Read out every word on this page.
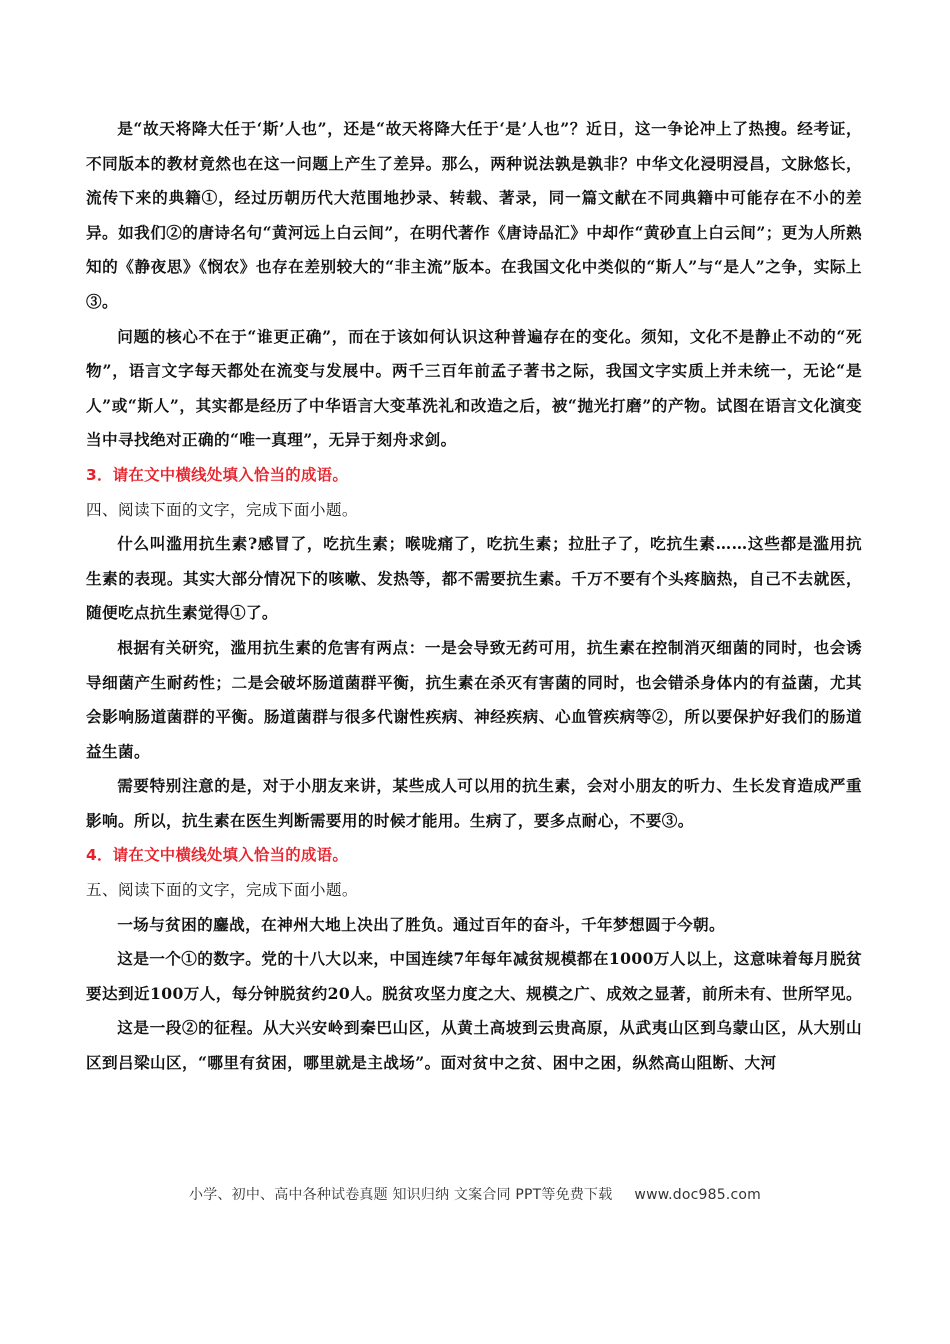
是“故天将降大任于‘斯’人也”，还是“故天将降大任于‘是’人也”？近日，这一争论冲上了热搜。经考证，不同版本的教材竟然也在这一问题上产生了差异。那么，两种说法孰是孰非？中华文化浸明浸昌，文脉悠长，流传下来的典籍①，经过历朝历代大范围地抄录、转载、著录，同一篇文献在不同典籍中可能存在不小的差异。如我们②的唐诗名句“黄河远上白云间”，在明代著作《唐诗品汇》中却作“黄砂直上白云间”；更为人所熟知的《静夜思》《悯农》也存在差别较大的“非主流”版本。在我国文化中类似的“斯人”与“是人”之争，实际上③。

问题的核心不在于“谁更正确”，而在于该如何认识这种普遍存在的变化。须知，文化不是静止不动的“死物”，语言文字每天都处在流变与发展中。两千三百年前孟子著书之际，我国文字实质上并未统一，无论“是人”或“斯人”，其实都是经历了中华语言大变革洗礼和改造之后，被“抛光打磨”的产物。试图在语言文化演变当中寻找绝对正确的“唯一真理”，无异于刻舟求剑。

3．请在文中横线处填入恰当的成语。

四、阅读下面的文字，完成下面小题。

什么叫滥用抗生素?感冒了，吃抗生素；喉咙痛了，吃抗生素；拉肚子了，吃抗生素……这些都是滥用抗生素的表现。其实大部分情况下的咳嗽、发热等，都不需要抗生素。千万不要有个头疼脑热，自己不去就医，随便吃点抗生素觉得①了。

根据有关研究，滥用抗生素的危害有两点：一是会导致无药可用，抗生素在控制消灭细菌的同时，也会诱导细菌产生耐药性；二是会破坏肠道菌群平衡，抗生素在杀灭有害菌的同时，也会错杀身体内的有益菌，尤其会影响肠道菌群的平衡。肠道菌群与很多代谢性疾病、神经疾病、心血管疾病等②，所以要保护好我们的肠道益生菌。

需要特别注意的是，对于小朋友来讲，某些成人可以用的抗生素，会对小朋友的听力、生长发育造成严重影响。所以，抗生素在医生判断需要用的时候才能用。生病了，要多点耐心，不要③。

4．请在文中横线处填入恰当的成语。

五、阅读下面的文字，完成下面小题。

一场与贫困的鏖战，在神州大地上决出了胜负。通过百年的奋斗，千年梦想圆于今朝。

这是一个①的数字。党的十八大以来，中国连续7年每年减贫规模都在1000万人以上，这意味着每月脱贫要达到近100万人，每分钟脱贫约20人。脱贫攻坚力度之大、规模之广、成效之显著，前所未有、世所罕见。

这是一段②的征程。从大兴安岭到秦巴山区，从黄土高坡到云贵高原，从武夷山区到乌蒙山区，从大别山区到吕梁山区，“哪里有贫困，哪里就是主战场”。面对贫中之贫、困中之困，纵然高山阻断、大河

小学、初中、高中各种试卷真题 知识归纳 文案合同 PPT等免费下载 www.doc985.com
